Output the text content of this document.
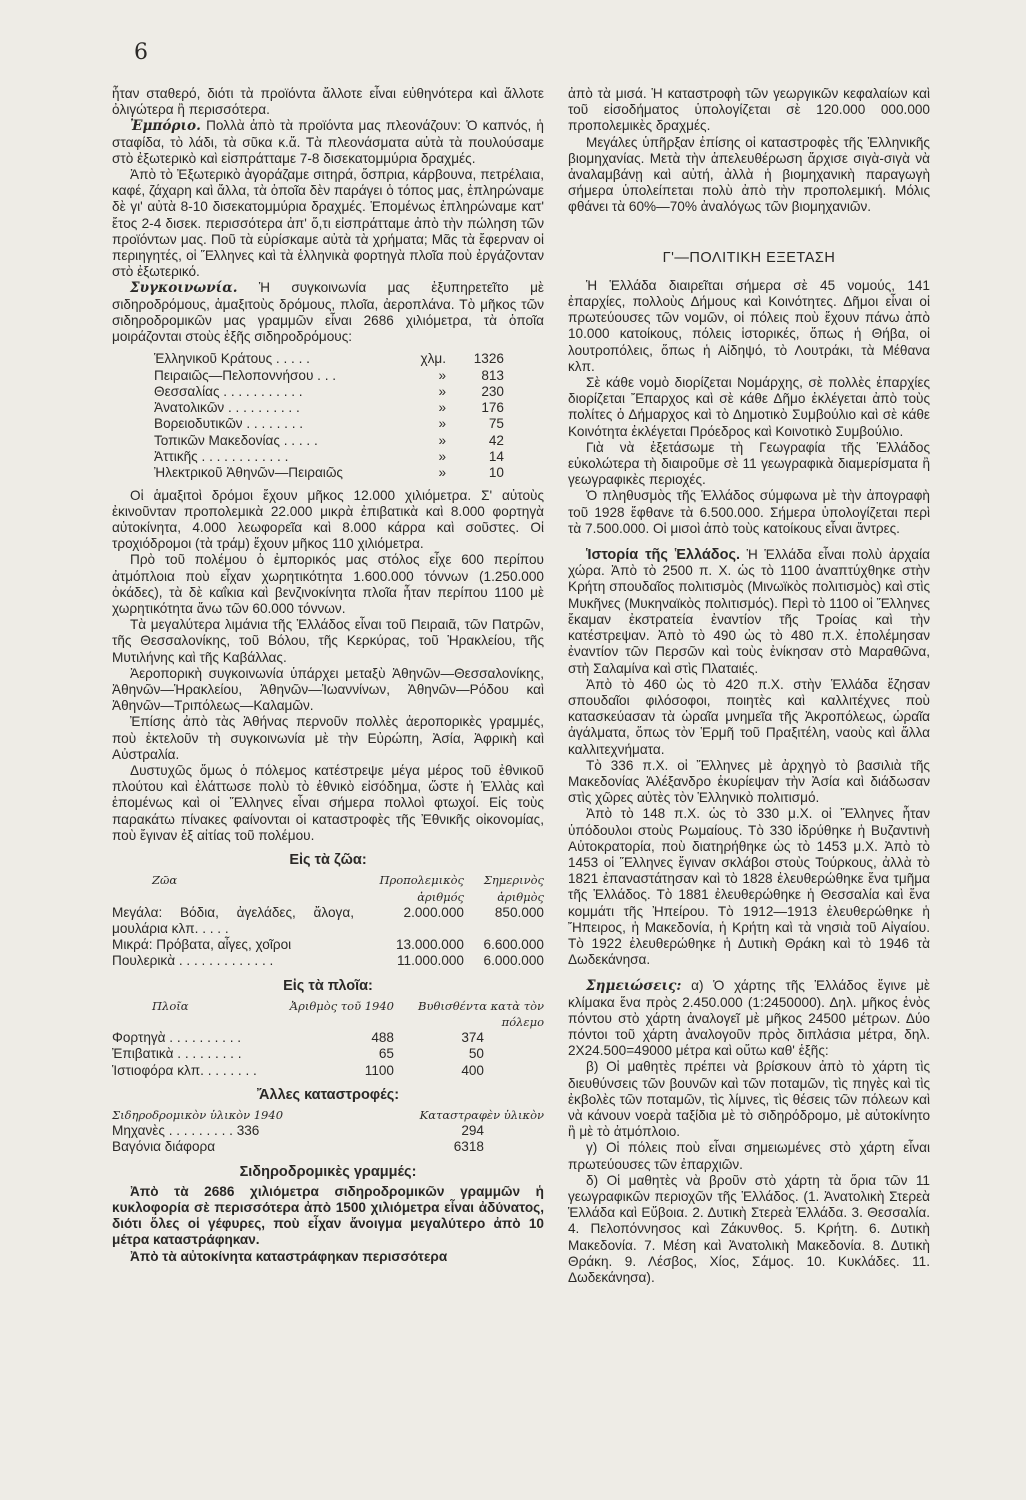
6

ἦταν σταθερό, διότι τὰ προϊόντα ἄλλοτε εἶναι εὐθηνότερα καὶ ἄλλοτε ὀλιγώτερα ἢ περισσότερα.

Ἐμπόριο. Πολλὰ ἀπὸ τὰ προϊόντα μας πλεονάζουν: Ὁ καπνός, ἡ σταφίδα, τὸ λάδι, τὰ σῦκα κ.ἄ. Τὰ πλεονάσματα αὐτὰ τὰ πουλούσαμε στὸ ἐξωτερικὸ καὶ εἰσπράτταμε 7-8 δισεκατομμύρια δραχμές.

Ἀπὸ τὸ Ἐξωτερικὸ ἀγοράζαμε σιτηρά, ὄσπρια, κάρβουνα, πετρέλαια, καφέ, ζάχαρη καὶ ἄλλα, τὰ ὁποῖα δὲν παράγει ὁ τόπος μας, ἐπληρώναμε δὲ γι' αὐτὰ 8-10 δισεκατομμύρια δραχμές. Ἑπομένως ἐπληρώναμε κατ' ἔτος 2-4 δισεκ. περισσότερα ἀπ' ὅ,τι εἰσπράτταμε ἀπὸ τὴν πώληση τῶν προϊόντων μας. Ποῦ τὰ εὑρίσκαμε αὐτὰ τὰ χρήματα; Μᾶς τὰ ἔφερναν οἱ περιηγητές, οἱ Ἕλληνες καὶ τὰ ἑλληνικὰ φορτηγὰ πλοῖα ποὺ ἐργάζονταν στὸ ἐξωτερικό.

Συγκοινωνία. Ἡ συγκοινωνία μας ἐξυπηρετεῖτο μὲ σιδηροδρόμους, ἁμαξιτοὺς δρόμους, πλοῖα, ἀεροπλάνα. Τὸ μῆκος τῶν σιδηροδρομικῶν μας γραμμῶν εἶναι 2686 χιλιόμετρα, τὰ ὁποῖα μοιράζονται στοὺς ἑξῆς σιδηροδρόμους:

Ἑλληνικοῦ Κράτους . . . . .	χλμ.	1326
Πειραιῶς—Πελοποννήσου . . .	»	813
Θεσσαλίας . . . . . . . . . . .	»	230
Ἀνατολικῶν . . . . . . . . . .	»	176
Βορειοδυτικῶν . . . . . . . .	»	75
Τοπικῶν Μακεδονίας . . . . .	»	42
Ἀττικῆς . . . . . . . . . . . .	»	14
Ἠλεκτρικοῦ Ἀθηνῶν—Πειραιῶς	»	10

Οἱ ἁμαξιτοὶ δρόμοι ἔχουν μῆκος 12.000 χιλιόμετρα. Σ' αὐτοὺς ἐκινοῦνταν προπολεμικὰ 22.000 μικρὰ ἐπιβατικὰ καὶ 8.000 φορτηγὰ αὐτοκίνητα, 4.000 λεωφορεῖα καὶ 8.000 κάρρα καὶ σοῦστες. Οἱ τροχιόδρομοι (τὰ τράμ) ἔχουν μῆκος 110 χιλιόμετρα.

Πρὸ τοῦ πολέμου ὁ ἐμπορικός μας στόλος εἶχε 600 περίπου ἀτμόπλοια ποὺ εἶχαν χωρητικότητα 1.600.000 τόννων (1.250.000 ὀκάδες), τὰ δὲ καΐκια καὶ βενζινοκίνητα πλοῖα ἦταν περίπου 1100 μὲ χωρητικότητα ἄνω τῶν 60.000 τόννων.

Τὰ μεγαλύτερα λιμάνια τῆς Ἑλλάδος εἶναι τοῦ Πειραιᾶ, τῶν Πατρῶν, τῆς Θεσσαλονίκης, τοῦ Βόλου, τῆς Κερκύρας, τοῦ Ἡρακλείου, τῆς Μυτιλήνης καὶ τῆς Καβάλλας.

Ἀεροπορικὴ συγκοινωνία ὑπάρχει μεταξὺ Ἀθηνῶν—Θεσσαλονίκης, Ἀθηνῶν—Ἡρακλείου, Ἀθηνῶν—Ἰωαννίνων, Ἀθηνῶν—Ρόδου καὶ Ἀθηνῶν—Τριπόλεως—Καλαμῶν.

Ἐπίσης ἀπὸ τὰς Ἀθήνας περνοῦν πολλὲς ἀεροπορικὲς γραμμές, ποὺ ἐκτελοῦν τὴ συγκοινωνία μὲ τὴν Εὐρώπη, Ἀσία, Ἀφρικὴ καὶ Αὐστραλία.

Δυστυχῶς ὅμως ὁ πόλεμος κατέστρεψε μέγα μέρος τοῦ ἐθνικοῦ πλούτου καὶ ἐλάττωσε πολὺ τὸ ἐθνικὸ εἰσόδημα, ὥστε ἡ Ἑλλὰς καὶ ἑπομένως καὶ οἱ Ἕλληνες εἶναι σήμερα πολλοὶ φτωχοί. Εἰς τοὺς παρακάτω πίνακες φαίνονται οἱ καταστροφὲς τῆς Ἐθνικῆς οἰκονομίας, ποὺ ἔγιναν ἐξ αἰτίας τοῦ πολέμου.

Εἰς τὰ ζῶα:

Ζῶα	Προπολεμικὸς ἀριθμός	Σημερινὸς ἀριθμὸς
Μεγάλα: Βόδια, ἀγελάδες, ἄλογα, μουλάρια κλπ. . . . .	2.000.000	850.000
Μικρά: Πρόβατα, αἶγες, χοῖροι	13.000.000	6.600.000
Πουλερικὰ . . . . . . . . . . . . .	11.000.000	6.000.000

Εἰς τὰ πλοῖα:

Πλοῖα	Ἀριθμὸς τοῦ 1940	Βυθισθέντα κατὰ τὸν πόλεμο
Φορτηγὰ . . . . . . . . . .	488	374
Ἐπιβατικὰ . . . . . . . . .	65	50
Ἱστιοφόρα κλπ. . . . . . . .	1100	400

Ἄλλες καταστροφές:

Σιδηροδρομικὸν ὑλικὸν 1940	Καταστραφὲν ὑλικὸν
Μηχανὲς . . . . . . . . . 336	294
Βαγόνια διάφορα	6318

Σιδηροδρομικὲς γραμμές:

Ἀπὸ τὰ 2686 χιλιόμετρα σιδηροδρομικῶν γραμμῶν ἡ κυκλοφορία σὲ περισσότερα ἀπὸ 1500 χιλιόμετρα εἶναι ἀδύνατος, διότι ὅλες οἱ γέφυρες, ποὺ εἶχαν ἄνοιγμα μεγαλύτερο ἀπὸ 10 μέτρα καταστράφηκαν.

Ἀπὸ τὰ αὐτοκίνητα καταστράφηκαν περισσότερα

ἀπὸ τὰ μισά. Ἡ καταστροφὴ τῶν γεωργικῶν κεφαλαίων καὶ τοῦ εἰσοδήματος ὑπολογίζεται σὲ 120.000 000.000 προπολεμικὲς δραχμές.

Μεγάλες ὑπῆρξαν ἐπίσης οἱ καταστροφὲς τῆς Ἑλληνικῆς βιομηχανίας. Μετὰ τὴν ἀπελευθέρωση ἄρχισε σιγὰ-σιγὰ νὰ ἀναλαμβάνῃ καὶ αὐτή, ἀλλὰ ἡ βιομηχανικὴ παραγωγὴ σήμερα ὑπολείπεται πολὺ ἀπὸ τὴν προπολεμική. Μόλις φθάνει τὰ 60%—70% ἀναλόγως τῶν βιομηχανιῶν.

Γ'—ΠΟΛΙΤΙΚΗ ΕΞΕΤΑΣΗ

Ἡ Ἑλλάδα διαιρεῖται σήμερα σὲ 45 νομούς, 141 ἐπαρχίες, πολλοὺς Δήμους καὶ Κοινότητες. Δῆμοι εἶναι οἱ πρωτεύουσες τῶν νομῶν, οἱ πόλεις ποὺ ἔχουν πάνω ἀπὸ 10.000 κατοίκους, πόλεις ἱστορικές, ὅπως ἡ Θήβα, οἱ λουτροπόλεις, ὅπως ἡ Αἰδηψό, τὸ Λουτράκι, τὰ Μέθανα κλπ.

Σὲ κάθε νομὸ διορίζεται Νομάρχης, σὲ πολλὲς ἐπαρχίες διορίζεται Ἔπαρχος καὶ σὲ κάθε Δῆμο ἐκλέγεται ἀπὸ τοὺς πολίτες ὁ Δήμαρχος καὶ τὸ Δημοτικὸ Συμβούλιο καὶ σὲ κάθε Κοινότητα ἐκλέγεται Πρόεδρος καὶ Κοινοτικὸ Συμβούλιο.

Γιὰ νὰ ἐξετάσωμε τὴ Γεωγραφία τῆς Ἑλλάδος εὐκολώτερα τὴ διαιροῦμε σὲ 11 γεωγραφικὰ διαμερίσματα ἢ γεωγραφικὲς περιοχές.

Ὁ πληθυσμὸς τῆς Ἑλλάδος σύμφωνα μὲ τὴν ἀπογραφὴ τοῦ 1928 ἔφθανε τὰ 6.500.000. Σήμερα ὑπολογίζεται περὶ τὰ 7.500.000. Οἱ μισοὶ ἀπὸ τοὺς κατοίκους εἶναι ἄντρες.

Ἱστορία τῆς Ἑλλάδος. Ἡ Ἑλλάδα εἶναι πολὺ ἀρχαία χώρα. Ἀπὸ τὸ 2500 π. Χ. ὡς τὸ 1100 ἀναπτύχθηκε στὴν Κρήτη σπουδαῖος πολιτισμὸς (Μινωϊκὸς πολιτισμὸς) καὶ στὶς Μυκῆνες (Μυκηναϊκὸς πολιτισμός). Περὶ τὸ 1100 οἱ Ἕλληνες ἔκαμαν ἐκστρατεία ἐναντίον τῆς Τροίας καὶ τὴν κατέστρεψαν. Ἀπὸ τὸ 490 ὡς τὸ 480 π.Χ. ἐπολέμησαν ἐναντίον τῶν Περσῶν καὶ τοὺς ἐνίκησαν στὸ Μαραθῶνα, στὴ Σαλαμίνα καὶ στὶς Πλαταιές.

Ἀπὸ τὸ 460 ὡς τὸ 420 π.Χ. στὴν Ἑλλάδα ἔζησαν σπουδαῖοι φιλόσοφοι, ποιητὲς καὶ καλλιτέχνες ποὺ κατασκεύασαν τὰ ὡραῖα μνημεῖα τῆς Ἀκροπόλεως, ὡραῖα ἀγάλματα, ὅπως τὸν Ἑρμῆ τοῦ Πραξιτέλη, ναοὺς καὶ ἄλλα καλλιτεχνήματα.

Τὸ 336 π.Χ. οἱ Ἕλληνες μὲ ἀρχηγὸ τὸ βασιλιὰ τῆς Μακεδονίας Ἀλέξανδρο ἐκυρίεψαν τὴν Ἀσία καὶ διάδωσαν στὶς χῶρες αὐτὲς τὸν Ἑλληνικὸ πολιτισμό.

Ἀπὸ τὸ 148 π.Χ. ὡς τὸ 330 μ.Χ. οἱ Ἕλληνες ἦταν ὑπόδουλοι στοὺς Ρωμαίους. Τὸ 330 ἱδρύθηκε ἡ Βυζαντινὴ Αὐτοκρατορία, ποὺ διατηρήθηκε ὡς τὸ 1453 μ.Χ. Ἀπὸ τὸ 1453 οἱ Ἕλληνες ἔγιναν σκλάβοι στοὺς Τούρκους, ἀλλὰ τὸ 1821 ἐπαναστάτησαν καὶ τὸ 1828 ἐλευθερώθηκε ἕνα τμῆμα τῆς Ἑλλάδος. Τὸ 1881 ἐλευθερώθηκε ἡ Θεσσαλία καὶ ἕνα κομμάτι τῆς Ἠπείρου. Τὸ 1912—1913 ἐλευθερώθηκε ἡ Ἤπειρος, ἡ Μακεδονία, ἡ Κρήτη καὶ τὰ νησιὰ τοῦ Αἰγαίου. Τὸ 1922 ἐλευθερώθηκε ἡ Δυτικὴ Θράκη καὶ τὸ 1946 τὰ Δωδεκάνησα.

Σημειώσεις: α) Ὁ χάρτης τῆς Ἑλλάδος ἔγινε μὲ κλίμακα ἕνα πρὸς 2.450.000 (1:2450000). Δηλ. μῆκος ἑνὸς πόντου στὸ χάρτη ἀναλογεῖ μὲ μῆκος 24500 μέτρων. Δύο πόντοι τοῦ χάρτη ἀναλογοῦν πρὸς διπλάσια μέτρα, δηλ. 2X24.500=49000 μέτρα καὶ οὕτω καθ' ἑξῆς:

β) Οἱ μαθητὲς πρέπει νὰ βρίσκουν ἀπὸ τὸ χάρτη τὶς διευθύνσεις τῶν βουνῶν καὶ τῶν ποταμῶν, τὶς πηγὲς καὶ τὶς ἐκβολὲς τῶν ποταμῶν, τὶς λίμνες, τὶς θέσεις τῶν πόλεων καὶ νὰ κάνουν νοερὰ ταξίδια μὲ τὸ σιδηρόδρομο, μὲ αὐτοκίνητο ἢ μὲ τὸ ἀτμόπλοιο.

γ) Οἱ πόλεις ποὺ εἶναι σημειωμένες στὸ χάρτη εἶναι πρωτεύουσες τῶν ἐπαρχιῶν.

δ) Οἱ μαθητὲς νὰ βροῦν στὸ χάρτη τὰ ὅρια τῶν 11 γεωγραφικῶν περιοχῶν τῆς Ἑλλάδος. (1. Ἀνατολικὴ Στερεὰ Ἑλλάδα καὶ Εὔβοια. 2. Δυτικὴ Στερεὰ Ἑλλάδα. 3. Θεσσαλία. 4. Πελοπόννησος καὶ Ζάκυνθος. 5. Κρήτη. 6. Δυτικὴ Μακεδονία. 7. Μέση καὶ Ἀνατολικὴ Μακεδονία. 8. Δυτικὴ Θράκη. 9. Λέσβος, Χίος, Σάμος. 10. Κυκλάδες. 11. Δωδεκάνησα).
